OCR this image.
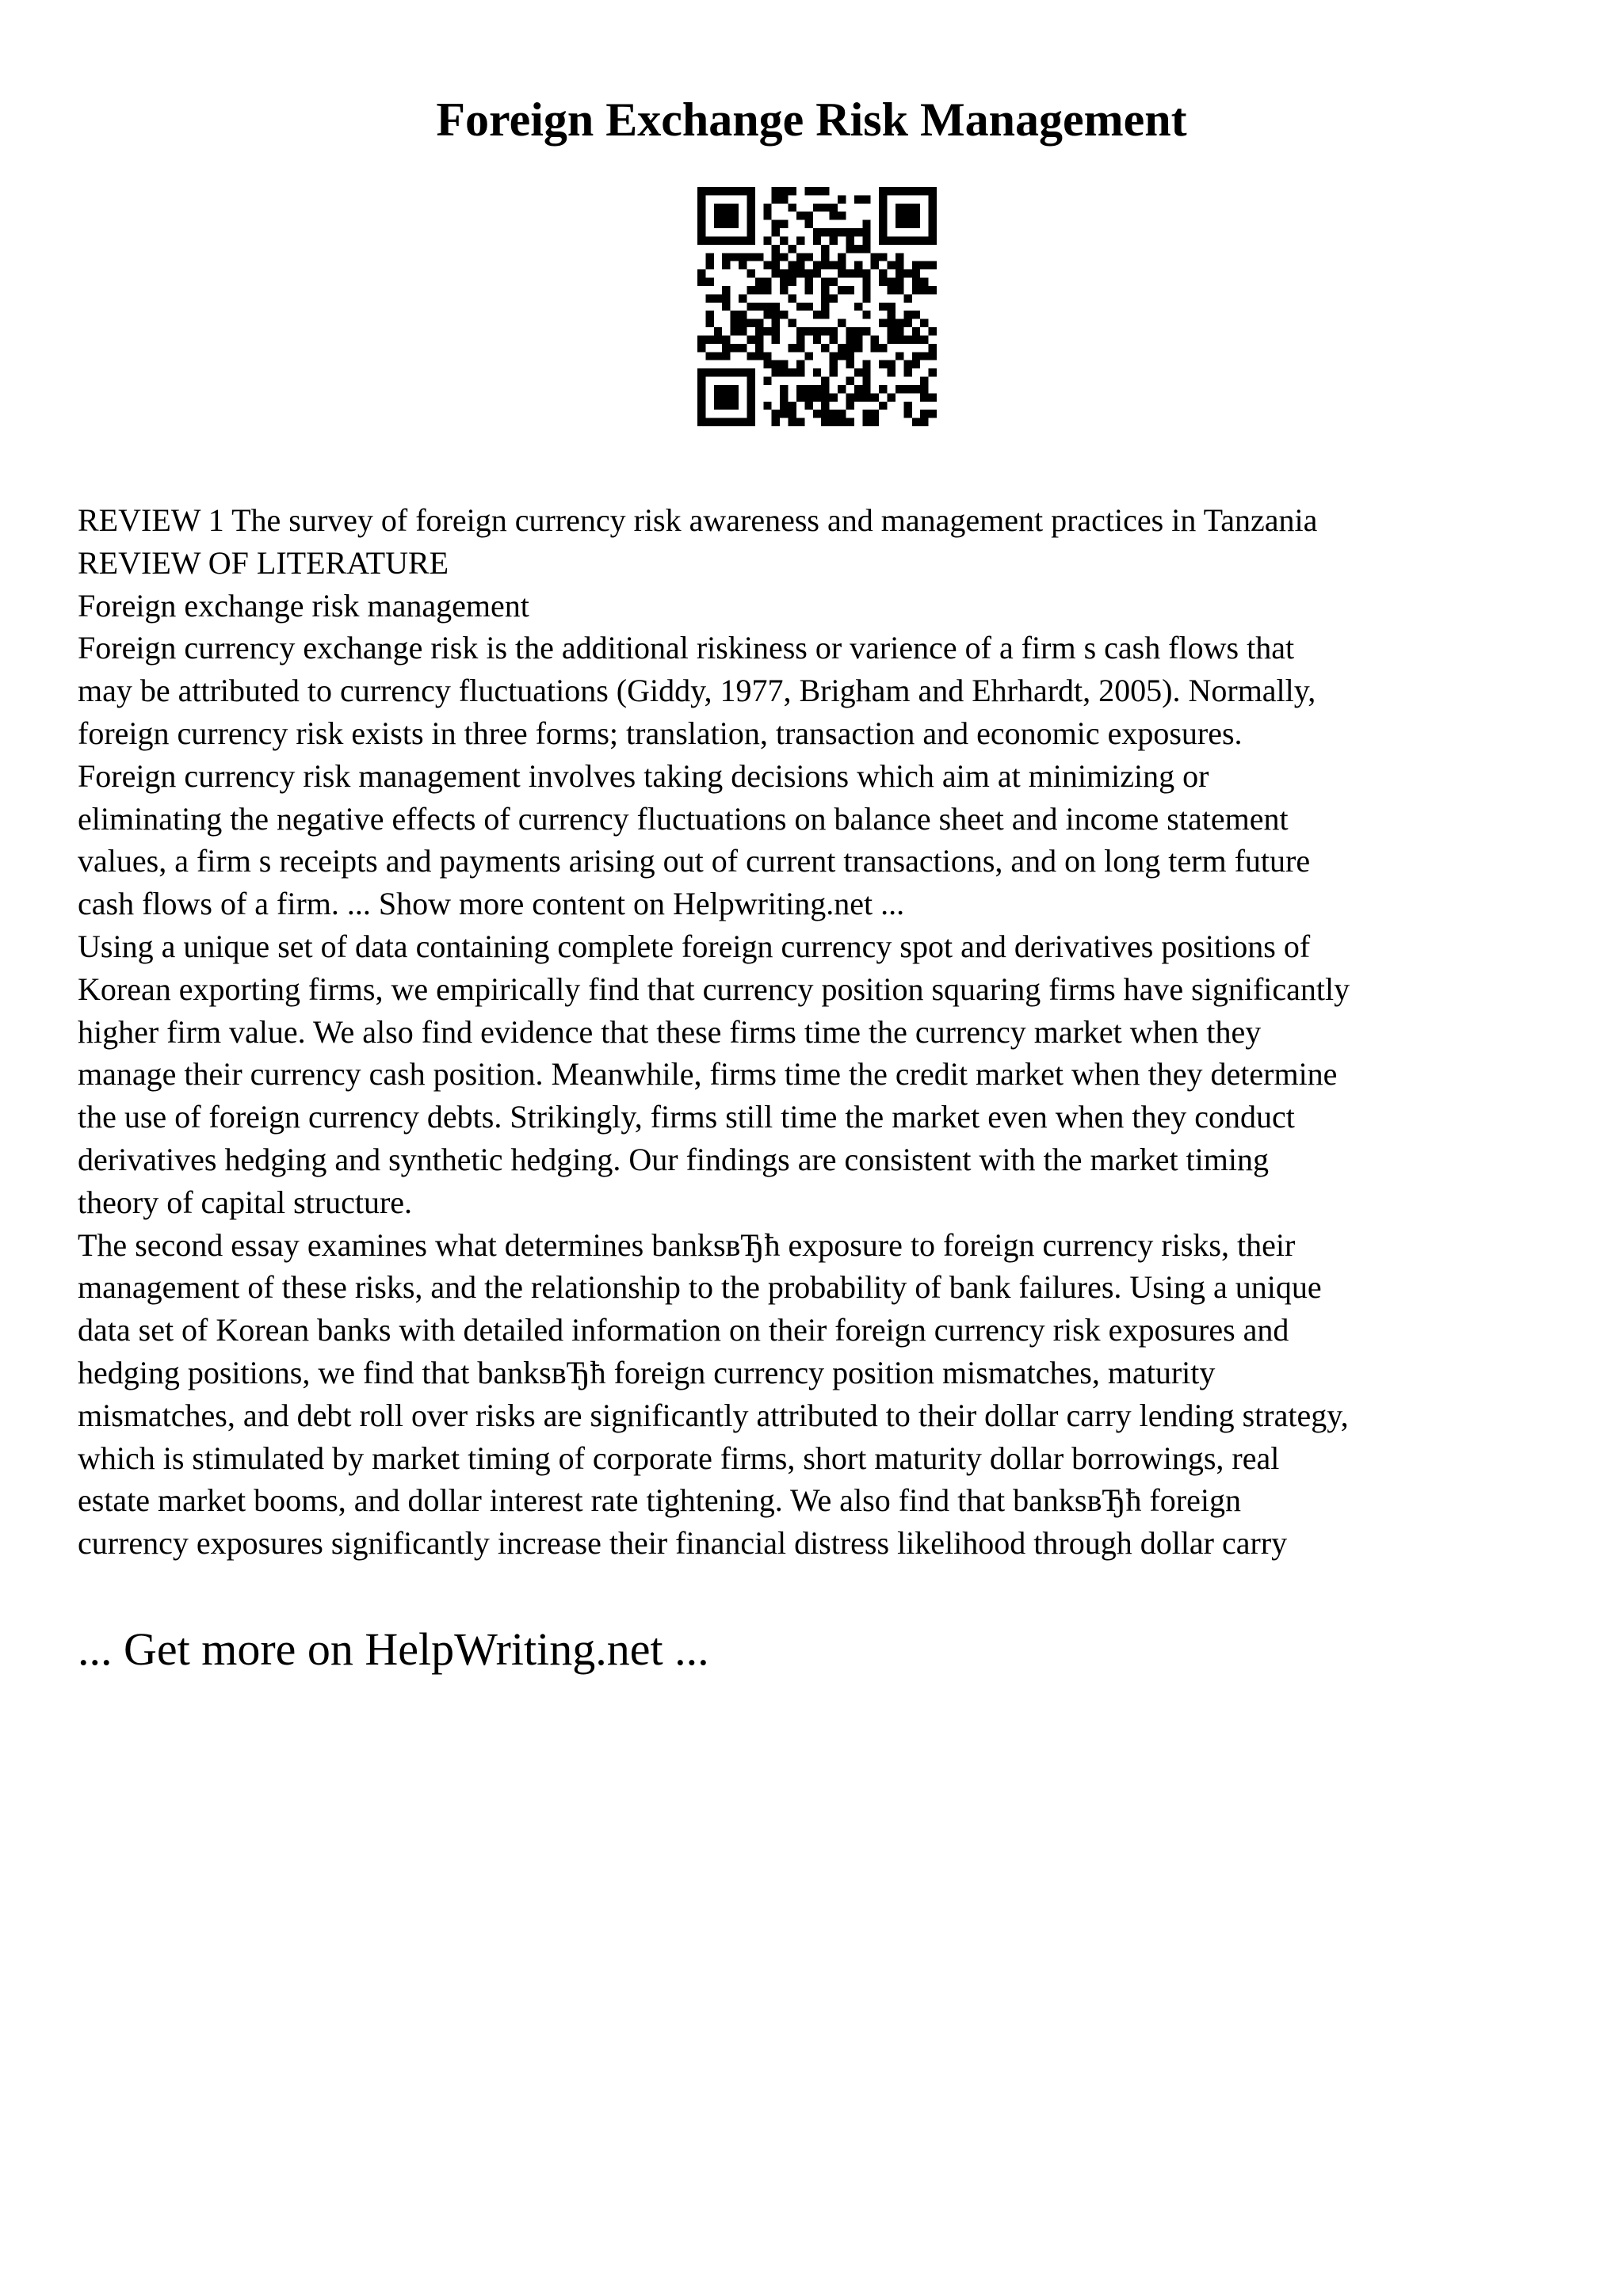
Foreign Exchange Risk Management
REVIEW 1 The survey of foreign currency risk awareness and management practices in Tanzania
REVIEW OF LITERATURE
Foreign exchange risk management
Foreign currency exchange risk is the additional riskiness or varience of a firm s cash flows that
may be attributed to currency fluctuations (Giddy, 1977, Brigham and Ehrhardt, 2005). Normally,
foreign currency risk exists in three forms; translation, transaction and economic exposures.
Foreign currency risk management involves taking decisions which aim at minimizing or
eliminating the negative effects of currency fluctuations on balance sheet and income statement
values, a firm s receipts and payments arising out of current transactions, and on long term future
cash flows of a firm. ... Show more content on Helpwriting.net ...
Using a unique set of data containing complete foreign currency spot and derivatives positions of
Korean exporting firms, we empirically find that currency position squaring firms have significantly
higher firm value. We also find evidence that these firms time the currency market when they
manage their currency cash position. Meanwhile, firms time the credit market when they determine
the use of foreign currency debts. Strikingly, firms still time the market even when they conduct
derivatives hedging and synthetic hedging. Our findings are consistent with the market timing
theory of capital structure.
The second essay examines what determines banksвЂћ exposure to foreign currency risks, their
management of these risks, and the relationship to the probability of bank failures. Using a unique
data set of Korean banks with detailed information on their foreign currency risk exposures and
hedging positions, we find that banksвЂћ foreign currency position mismatches, maturity
mismatches, and debt roll over risks are significantly attributed to their dollar carry lending strategy,
which is stimulated by market timing of corporate firms, short maturity dollar borrowings, real
estate market booms, and dollar interest rate tightening. We also find that banksвЂћ foreign
currency exposures significantly increase their financial distress likelihood through dollar carry
... Get more on HelpWriting.net ...
